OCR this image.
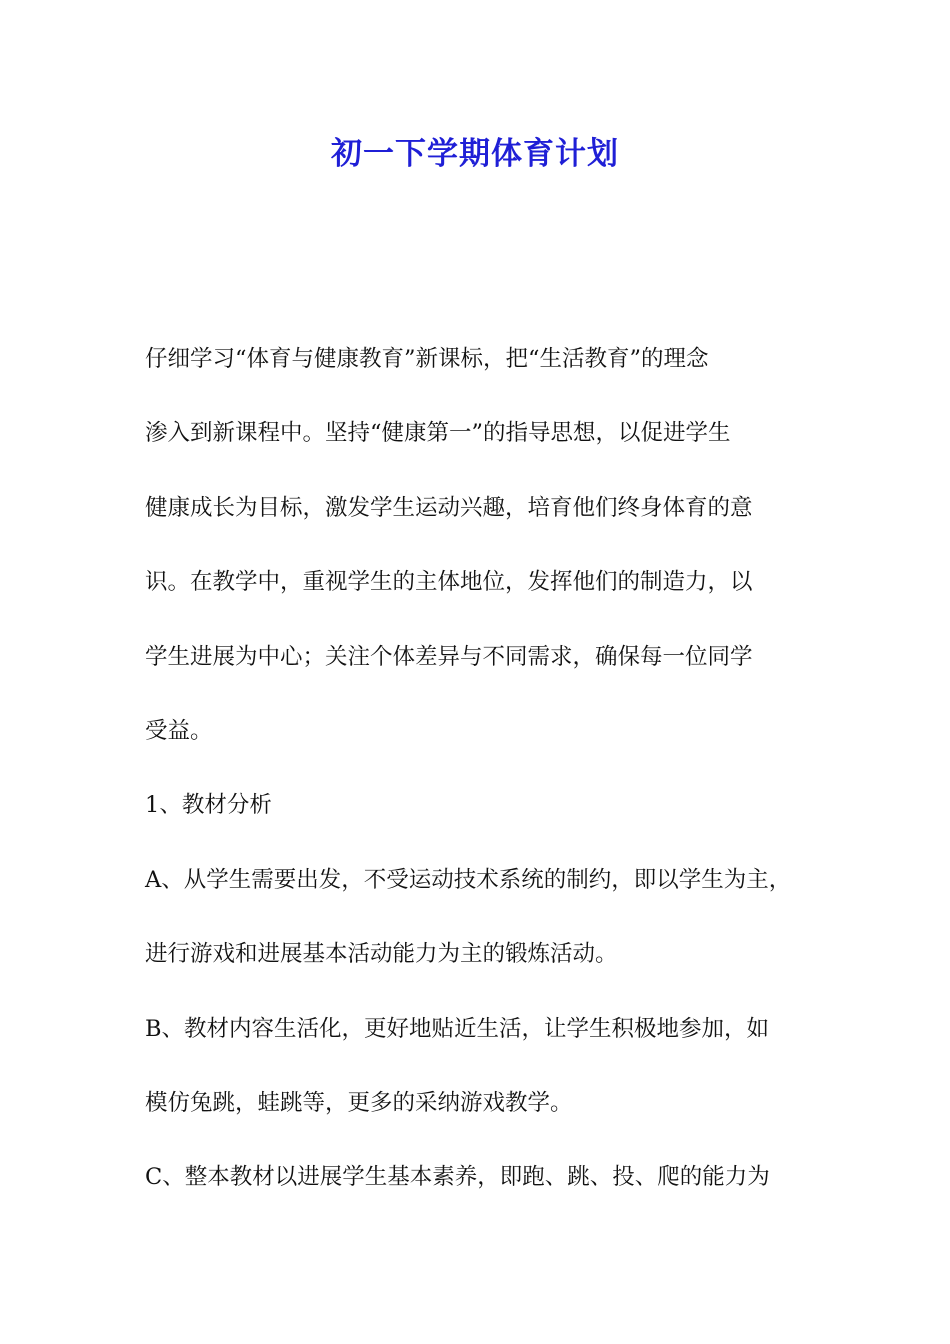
初一下学期体育计划
仔细学习“体育与健康教育”新课标，把“生活教育”的理念
渗入到新课程中。坚持“健康第一”的指导思想，以促进学生
健康成长为目标，激发学生运动兴趣，培育他们终身体育的意
识。在教学中，重视学生的主体地位，发挥他们的制造力，以
学生进展为中心；关注个体差异与不同需求，确保每一位同学
受益。
1、教材分析
A、从学生需要出发，不受运动技术系统的制约，即以学生为主，
进行游戏和进展基本活动能力为主的锻炼活动。
B、教材内容生活化，更好地贴近生活，让学生积极地参加，如
模仿兔跳，蛙跳等，更多的采纳游戏教学。
C、整本教材以进展学生基本素养，即跑、跳、投、爬的能力为
